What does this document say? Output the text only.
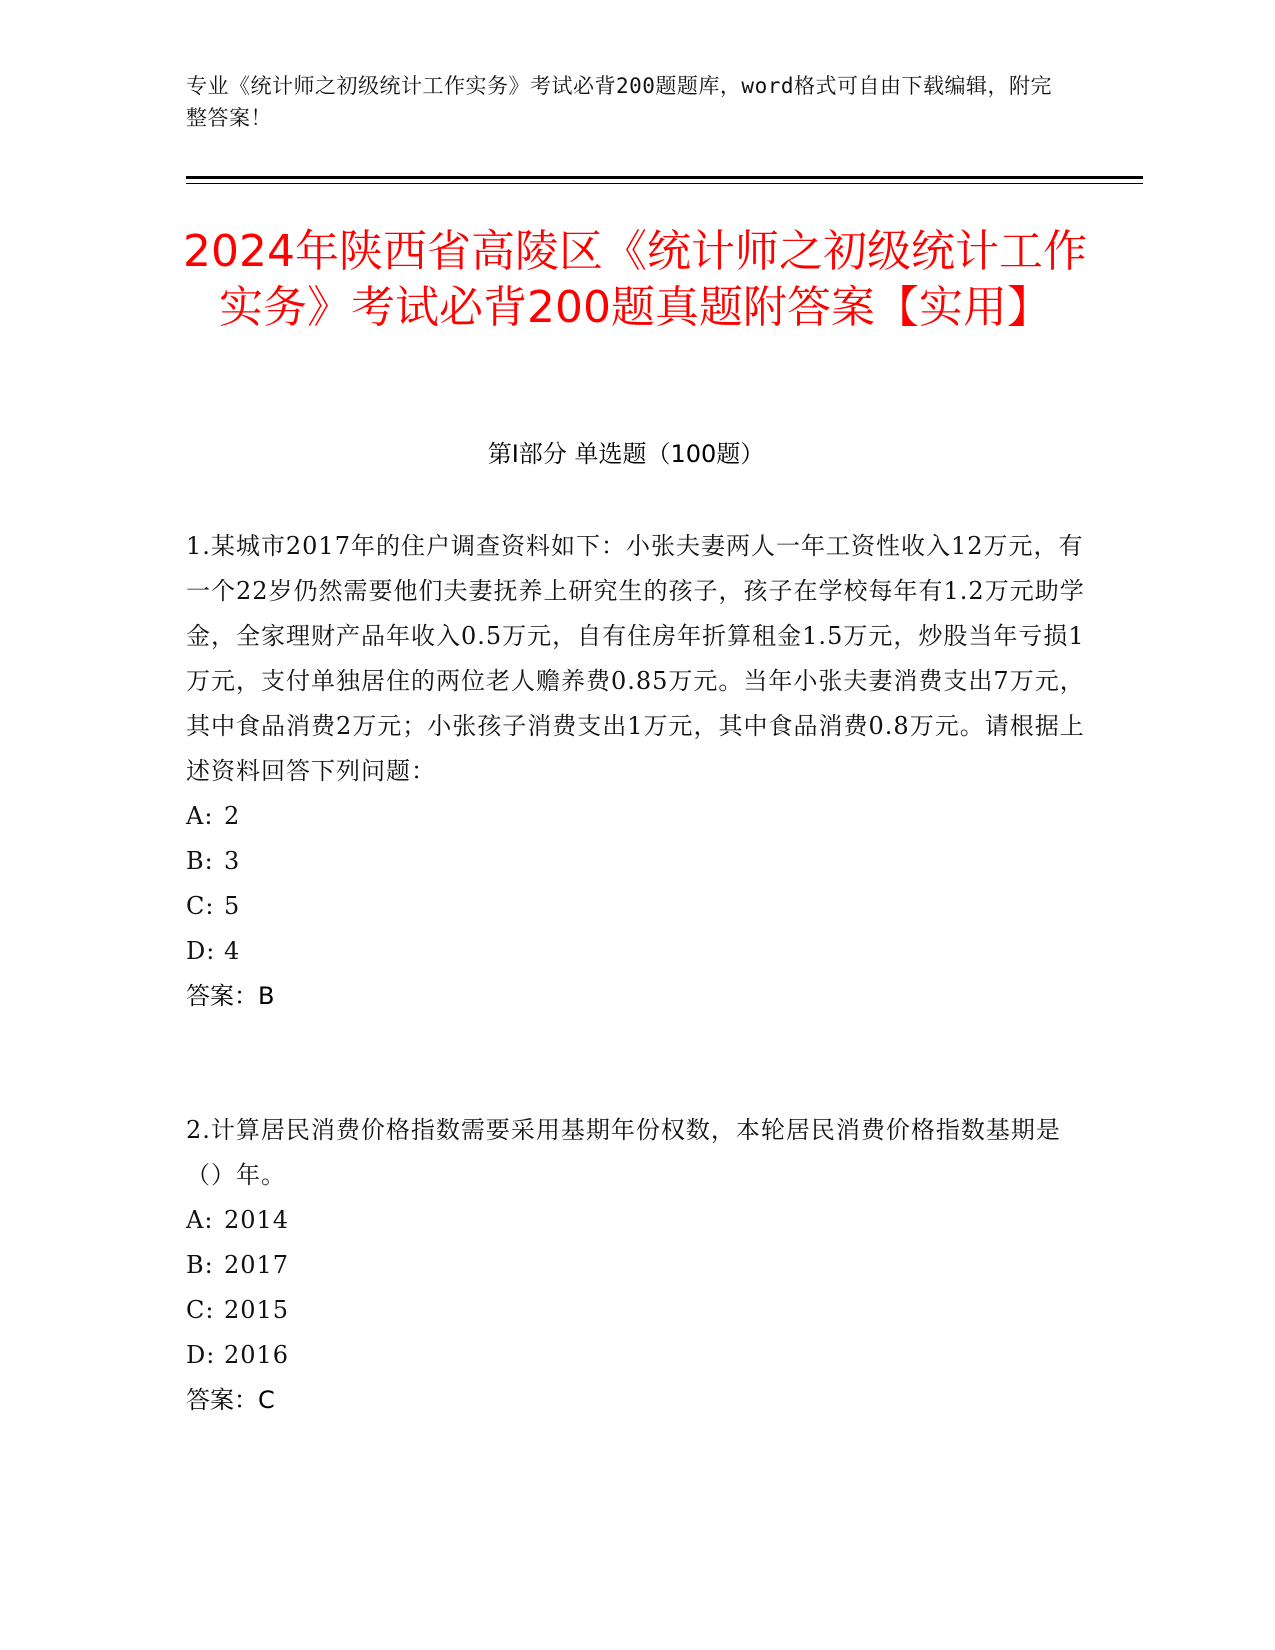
专业《统计师之初级统计工作实务》考试必背200题题库，word格式可自由下载编辑，附完整答案！
2024年陕西省高陵区《统计师之初级统计工作实务》考试必背200题真题附答案【实用】
第Ⅰ部分 单选题（100题）
1.某城市2017年的住户调查资料如下：小张夫妻两人一年工资性收入12万元，有一个22岁仍然需要他们夫妻抚养上研究生的孩子，孩子在学校每年有1.2万元助学金，全家理财产品年收入0.5万元，自有住房年折算租金1.5万元，炒股当年亏损1万元，支付单独居住的两位老人赡养费0.85万元。当年小张夫妻消费支出7万元，其中食品消费2万元；小张孩子消费支出1万元，其中食品消费0.8万元。请根据上述资料回答下列问题：
A: 2
B: 3
C: 5
D: 4
答案：B
2.计算居民消费价格指数需要采用基期年份权数，本轮居民消费价格指数基期是（）年。
A: 2014
B: 2017
C: 2015
D: 2016
答案：C
